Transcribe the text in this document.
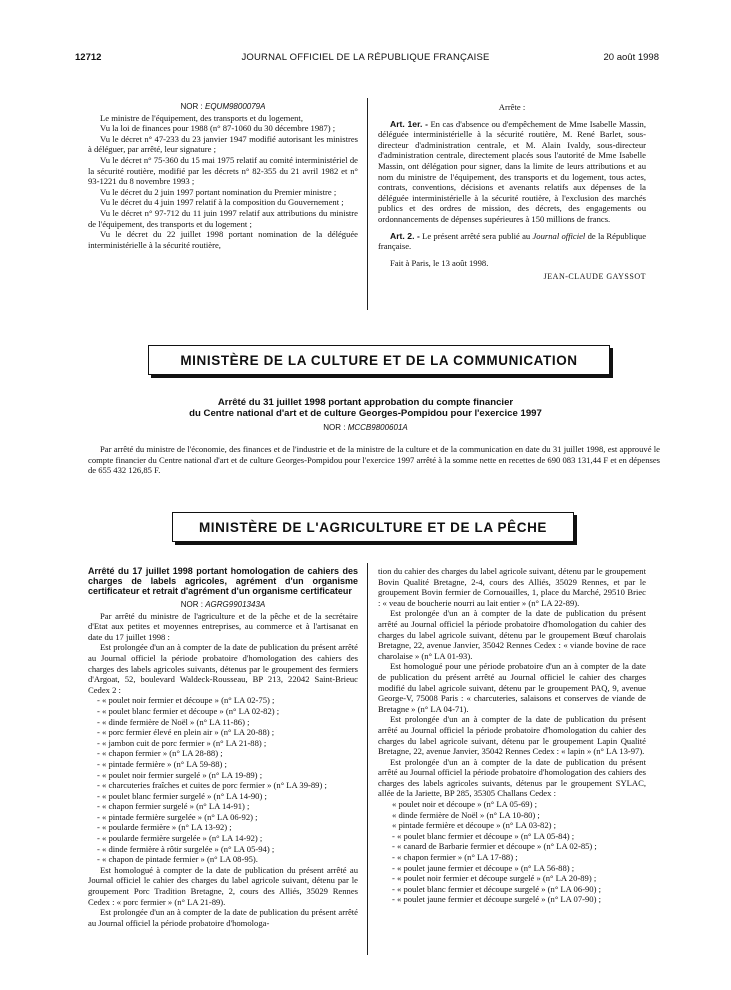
12712	JOURNAL OFFICIEL DE LA RÉPUBLIQUE FRANÇAISE	20 août 1998

NOR : EQUM9800079A

Le ministre de l'équipement, des transports et du logement,

Vu la loi de finances pour 1988 (n° 87-1060 du 30 décembre 1987) ;

Vu le décret n° 47-233 du 23 janvier 1947 modifié autorisant les ministres à déléguer, par arrêté, leur signature ;

Vu le décret n° 75-360 du 15 mai 1975 relatif au comité interministériel de la sécurité routière, modifié par les décrets n° 82-355 du 21 avril 1982 et n° 93-1221 du 8 novembre 1993 ;

Vu le décret du 2 juin 1997 portant nomination du Premier ministre ;

Vu le décret du 4 juin 1997 relatif à la composition du Gouvernement ;

Vu le décret n° 97-712 du 11 juin 1997 relatif aux attributions du ministre de l'équipement, des transports et du logement ;

Vu le décret du 22 juillet 1998 portant nomination de la déléguée interministérielle à la sécurité routière,

Arrête :

Art. 1er. - En cas d'absence ou d'empêchement de Mme Isabelle Massin, déléguée interministérielle à la sécurité routière, M. René Barlet, sous-directeur d'administration centrale, et M. Alain Ivaldy, sous-directeur d'administration centrale, directement placés sous l'autorité de Mme Isabelle Massin, ont délégation pour signer, dans la limite de leurs attributions et au nom du ministre de l'équipement, des transports et du logement, tous actes, contrats, conventions, décisions et avenants relatifs aux dépenses de la déléguée interministérielle à la sécurité routière, à l'exclusion des marchés publics et des ordres de mission, des décrets, des engagements ou ordonnancements de dépenses supérieures à 150 millions de francs.

Art. 2. - Le présent arrêté sera publié au Journal officiel de la République française.

Fait à Paris, le 13 août 1998.

JEAN-CLAUDE GAYSSOT

MINISTÈRE DE LA CULTURE ET DE LA COMMUNICATION
Arrêté du 31 juillet 1998 portant approbation du compte financier
du Centre national d'art et de culture Georges-Pompidou pour l'exercice 1997
NOR : MCCB9800601A
Par arrêté du ministre de l'économie, des finances et de l'industrie et de la ministre de la culture et de la communication en date du 31 juillet 1998, est approuvé le compte financier du Centre national d'art et de culture Georges-Pompidou pour l'exercice 1997 arrêté à la somme nette en recettes de 690 083 131,44 F et en dépenses de 655 432 126,85 F.
MINISTÈRE DE L'AGRICULTURE ET DE LA PÊCHE

Arrêté du 17 juillet 1998 portant homologation de cahiers des charges de labels agricoles, agrément d'un organisme certificateur et retrait d'agrément d'un organisme certificateur

NOR : AGRG9901343A

Par arrêté du ministre de l'agriculture et de la pêche et de la secrétaire d'Etat aux petites et moyennes entreprises, au commerce et à l'artisanat en date du 17 juillet 1998 :

Est prolongée d'un an à compter de la date de publication du présent arrêté au Journal officiel la période probatoire d'homologation des cahiers des charges des labels agricoles suivants, détenus par le groupement des fermiers d'Argoat, 52, boulevard Waldeck-Rousseau, BP 213, 22042 Saint-Brieuc Cedex 2 :

- « poulet noir fermier et découpe » (n° LA 02-75) ;

- « poulet blanc fermier et découpe » (n° LA 02-82) ;

- « dinde fermière de Noël » (n° LA 11-86) ;

- « porc fermier élevé en plein air » (n° LA 20-88) ;

- « jambon cuit de porc fermier » (n° LA 21-88) ;

- « chapon fermier » (n° LA 28-88) ;

- « pintade fermière » (n° LA 59-88) ;

- « poulet noir fermier surgelé » (n° LA 19-89) ;

- « charcuteries fraîches et cuites de porc fermier » (n° LA 39-89) ;

- « poulet blanc fermier surgelé » (n° LA 14-90) ;

- « chapon fermier surgelé » (n° LA 14-91) ;

- « pintade fermière surgelée » (n° LA 06-92) ;

- « poularde fermière » (n° LA 13-92) ;

- « poularde fermière surgelée » (n° LA 14-92) ;

- « dinde fermière à rôtir surgelée » (n° LA 05-94) ;

- « chapon de pintade fermier » (n° LA 08-95).

Est homologué à compter de la date de publication du présent arrêté au Journal officiel le cahier des charges du label agricole suivant, détenu par le groupement Porc Tradition Bretagne, 2, cours des Alliés, 35029 Rennes Cedex : « porc fermier » (n° LA 21-89).

Est prolongée d'un an à compter de la date de publication du présent arrêté au Journal officiel la période probatoire d'homologa-

tion du cahier des charges du label agricole suivant, détenu par le groupement Bovin Qualité Bretagne, 2-4, cours des Alliés, 35029 Rennes, et par le groupement Bovin fermier de Cornouailles, 1, place du Marché, 29510 Briec : « veau de boucherie nourri au lait entier » (n° LA 22-89).

Est prolongée d'un an à compter de la date de publication du présent arrêté au Journal officiel la période probatoire d'homologation du cahier des charges du label agricole suivant, détenu par le groupement Bœuf charolais Bretagne, 22, avenue Janvier, 35042 Rennes Cedex : « viande bovine de race charolaise » (n° LA 01-93).

Est homologué pour une période probatoire d'un an à compter de la date de publication du présent arrêté au Journal officiel le cahier des charges modifié du label agricole suivant, détenu par le groupement PAQ, 9, avenue George-V, 75008 Paris : « charcuteries, salaisons et conserves de viande de Bretagne » (n° LA 04-71).

Est prolongée d'un an à compter de la date de publication du présent arrêté au Journal officiel la période probatoire d'homologation du cahier des charges du label agricole suivant, détenu par le groupement Lapin Qualité Bretagne, 22, avenue Janvier, 35042 Rennes Cedex : « lapin » (n° LA 13-97).

Est prolongée d'un an à compter de la date de publication du présent arrêté au Journal officiel la période probatoire d'homologation des cahiers des charges des labels agricoles suivants, détenus par le groupement SYLAC, allée de la Jariette, BP 285, 35305 Challans Cedex :

« poulet noir et découpe » (n° LA 05-69) ;

« dinde fermière de Noël » (n° LA 10-80) ;

« pintade fermière et découpe » (n° LA 03-82) ;

- « poulet blanc fermier et découpe » (n° LA 05-84) ;

- « canard de Barbarie fermier et découpe » (n° LA 02-85) ;

- « chapon fermier » (n° LA 17-88) ;

- « poulet jaune fermier et découpe » (n° LA 56-88) ;

- « poulet noir fermier et découpe surgelé » (n° LA 20-89) ;

- « poulet blanc fermier et découpe surgelé » (n° LA 06-90) ;

- « poulet jaune fermier et découpe surgelé » (n° LA 07-90) ;
